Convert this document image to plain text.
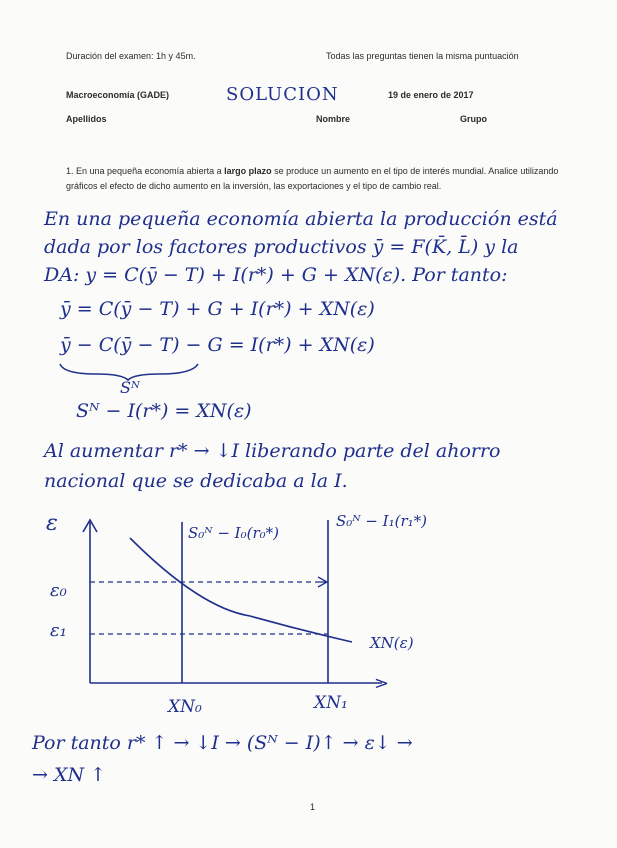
Duración del examen: 1h y 45m.	Todas las preguntas tienen la misma puntuación
Macroeconomía (GADE)	SOLUCION	19 de enero de 2017
Apellidos	Nombre	Grupo
1. En una pequeña economía abierta a largo plazo se produce un aumento en el tipo de interés mundial. Analice utilizando gráficos el efecto de dicho aumento en la inversión, las exportaciones y el tipo de cambio real.
En una pequeña economía abierta la producción está
dada por los factores productivos ȳ = F(K̄, L̄) y la
DA: y = C(ȳ − T) + I(r*) + G + XN(ε). Por tanto:
ȳ = C(ȳ − T) + G + I(r*) + XN(ε)
ȳ − C(ȳ − T) − G = I(r*) + XN(ε)
Sᴺ
Sᴺ − I(r*) = XN(ε)
Al aumentar r* → ↓I liberando parte del ahorro
nacional que se dedicaba a la I.
>
ε	S₀ᴺ − I₀(r₀*)
S₀ᴺ − I₁(r₁*)
XN(ε)
ε₀
ε₁
XN₀	XN₁
Por tanto r* ↑ → ↓I → (Sᴺ − I)↑ → ε↓ →
→ XN ↑
1
